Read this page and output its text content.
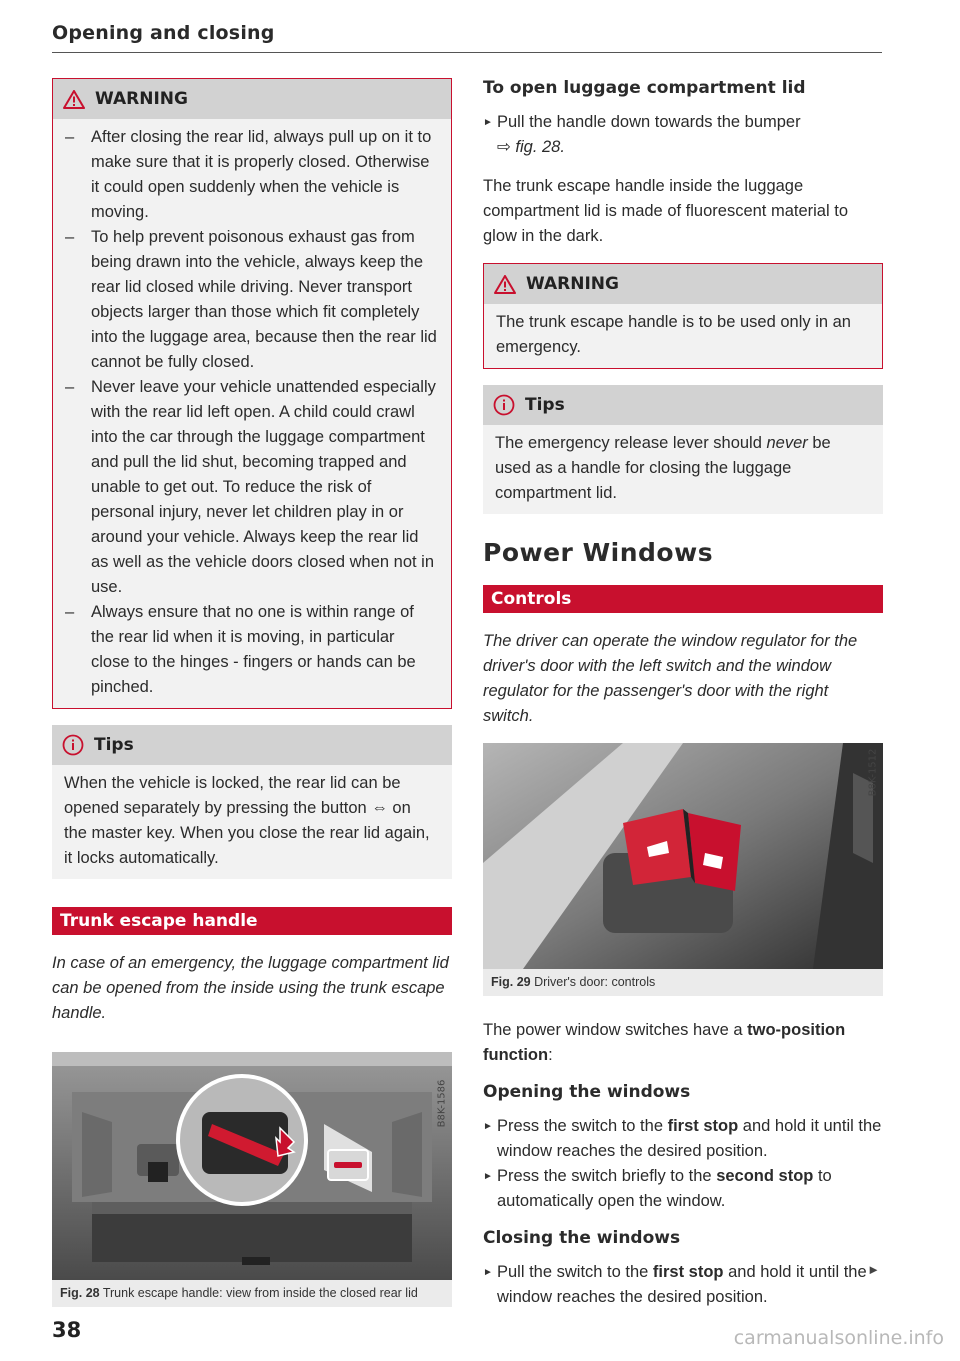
Opening and closing
WARNING
– After closing the rear lid, always pull up on it to make sure that it is properly closed. Otherwise it could open suddenly when the vehicle is moving.
– To help prevent poisonous exhaust gas from being drawn into the vehicle, always keep the rear lid closed while driving. Never transport objects larger than those which fit completely into the luggage area, because then the rear lid cannot be fully closed.
– Never leave your vehicle unattended especially with the rear lid left open. A child could crawl into the car through the luggage compartment and pull the lid shut, becoming trapped and unable to get out. To reduce the risk of personal injury, never let children play in or around your vehicle. Always keep the rear lid as well as the vehicle doors closed when not in use.
– Always ensure that no one is within range of the rear lid when it is moving, in particular close to the hinges - fingers or hands can be pinched.
Tips
When the vehicle is locked, the rear lid can be opened separately by pressing the button ⇔ on the master key. When you close the rear lid again, it locks automatically.
Trunk escape handle
In case of an emergency, the luggage compartment lid can be opened from the inside using the trunk escape handle.
B8K-1586
Fig. 28 Trunk escape handle: view from inside the closed rear lid
To open luggage compartment lid
► Pull the handle down towards the bumper
⇨ fig. 28.

The trunk escape handle inside the luggage compartment lid is made of fluorescent material to glow in the dark.

WARNING
The trunk escape handle is to be used only in an emergency.
Tips
The emergency release lever should never be used as a handle for closing the luggage compartment lid.
Power Windows
Controls
The driver can operate the window regulator for the driver's door with the left switch and the window regulator for the passenger's door with the right switch.
B8K-1512
Fig. 29 Driver's door: controls

The power window switches have a two-position function:

Opening the windows
► Press the switch to the first stop and hold it until the window reaches the desired position.
► Press the switch briefly to the second stop to automatically open the window.
Closing the windows
► Pull the switch to the first stop and hold it until the window reaches the desired position.
►
38	carmanualsonline.info
